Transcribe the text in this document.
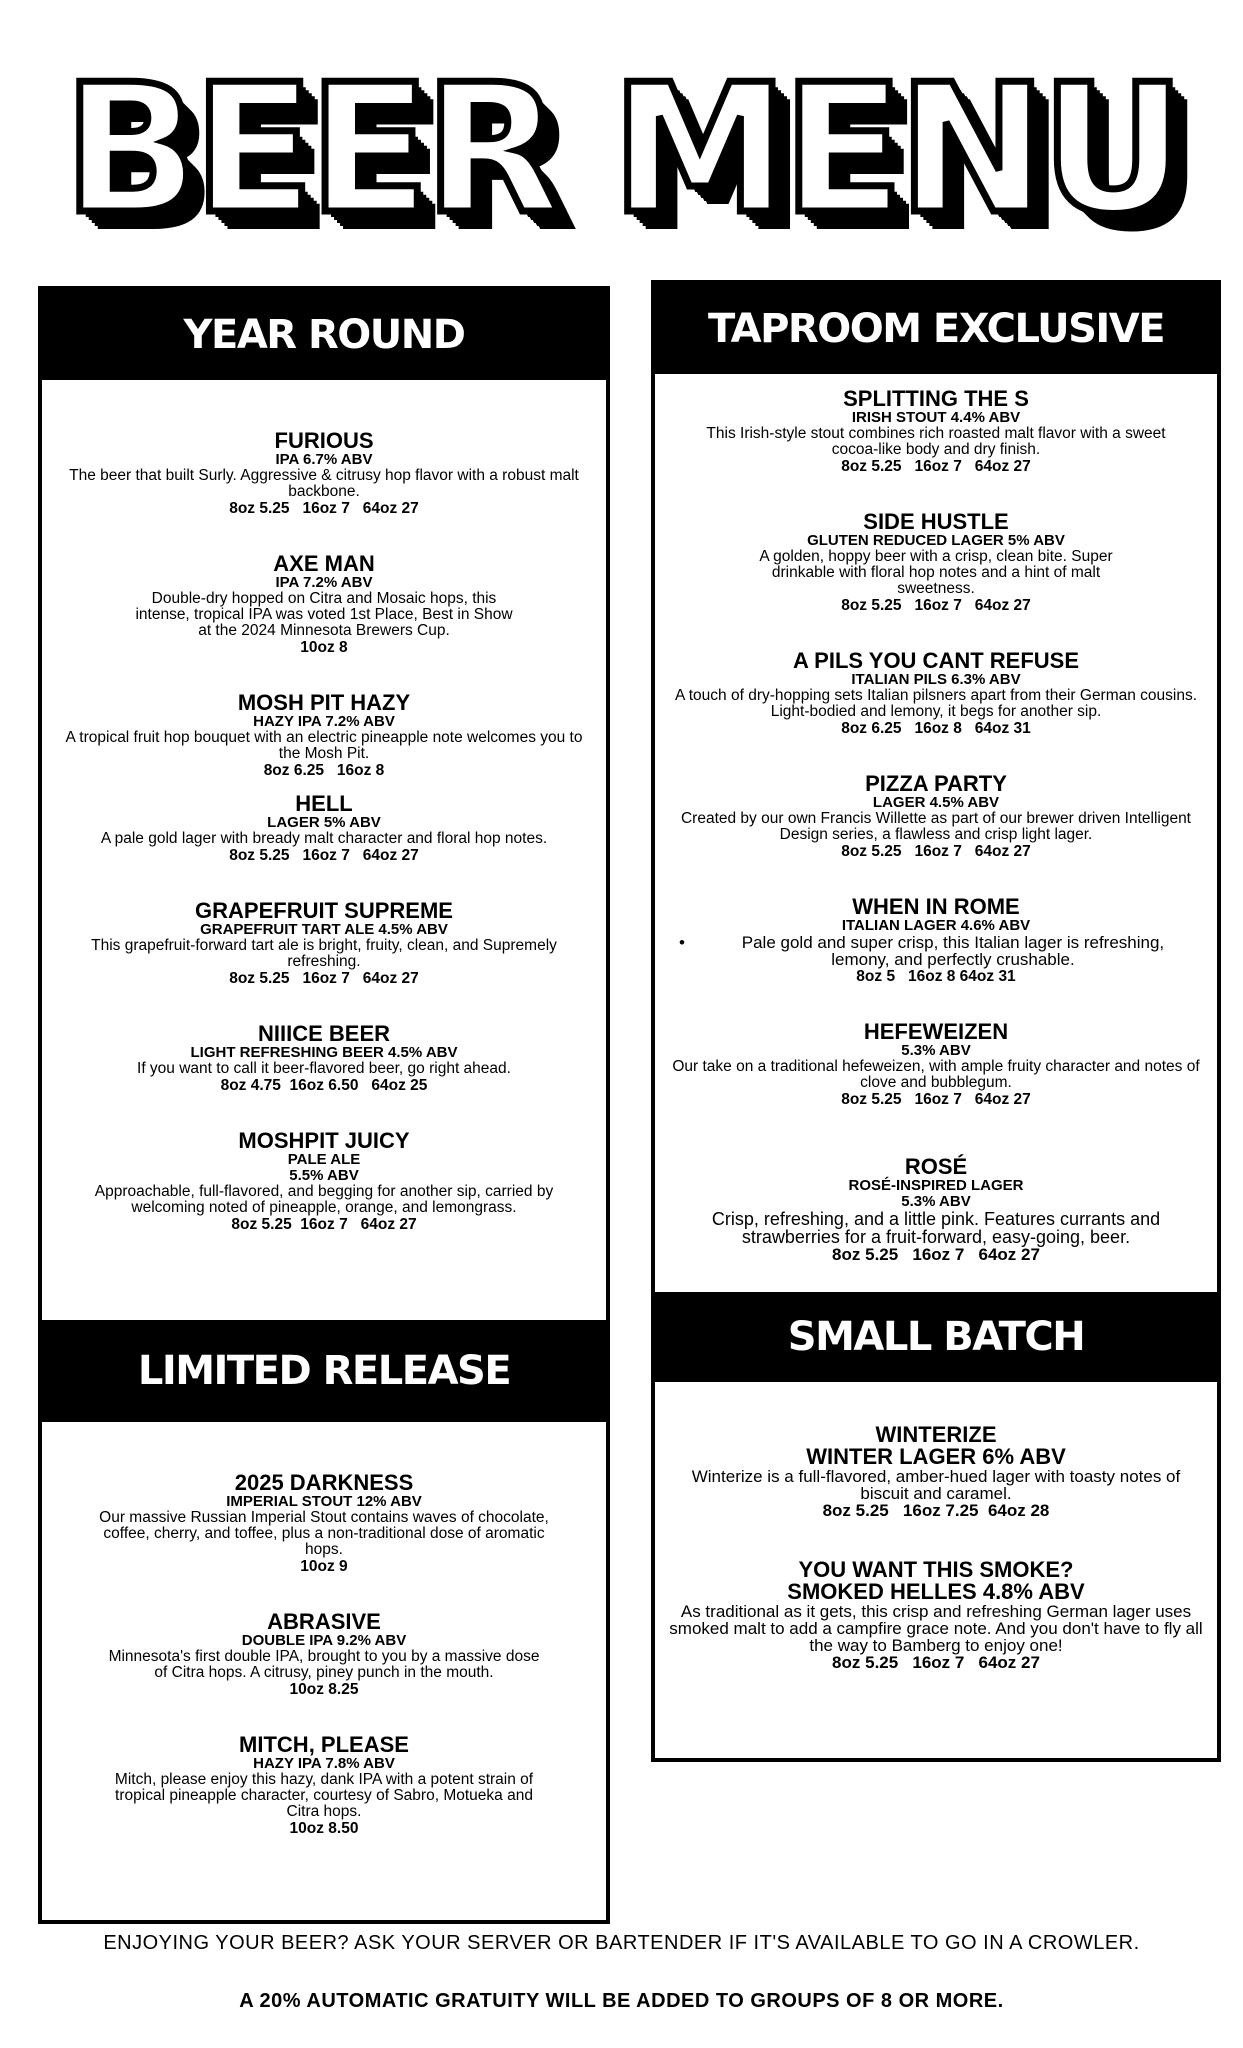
BEER MENU
YEAR ROUND
FURIOUS
IPA 6.7% ABV
The beer that built Surly. Aggressive & citrusy hop flavor with a robust malt backbone.
8oz 5.25   16oz 7   64oz 27
AXE MAN
IPA 7.2% ABV
Double-dry hopped on Citra and Mosaic hops, this intense, tropical IPA was voted 1st Place, Best in Show at the 2024 Minnesota Brewers Cup.
10oz 8
MOSH PIT HAZY
HAZY IPA 7.2% ABV
A tropical fruit hop bouquet with an electric pineapple note welcomes you to the Mosh Pit.
8oz 6.25   16oz 8
HELL
LAGER 5% ABV
A pale gold lager with bready malt character and floral hop notes.
8oz 5.25   16oz 7   64oz 27
GRAPEFRUIT SUPREME
GRAPEFRUIT TART ALE 4.5% ABV
This grapefruit-forward tart ale is bright, fruity, clean, and Supremely refreshing.
8oz 5.25   16oz 7   64oz 27
NIIICE BEER
LIGHT REFRESHING BEER 4.5% ABV
If you want to call it beer-flavored beer, go right ahead.
8oz 4.75  16oz 6.50   64oz 25
MOSHPIT JUICY
PALE ALE
5.5% ABV
Approachable, full-flavored, and begging for another sip, carried by welcoming noted of pineapple, orange, and lemongrass.
8oz 5.25  16oz 7   64oz 27
LIMITED RELEASE
2025 DARKNESS
IMPERIAL STOUT 12% ABV
Our massive Russian Imperial Stout contains waves of chocolate, coffee, cherry, and toffee, plus a non-traditional dose of aromatic hops.
10oz 9
ABRASIVE
DOUBLE IPA 9.2% ABV
Minnesota's first double IPA, brought to you by a massive dose of Citra hops. A citrusy, piney punch in the mouth.
10oz 8.25
MITCH, PLEASE
HAZY IPA 7.8% ABV
Mitch, please enjoy this hazy, dank IPA with a potent strain of tropical pineapple character, courtesy of Sabro, Motueka and Citra hops.
10oz 8.50
TAPROOM EXCLUSIVE
SPLITTING THE S
IRISH STOUT 4.4% ABV
This Irish-style stout combines rich roasted malt flavor with a sweet cocoa-like body and dry finish.
8oz 5.25   16oz 7   64oz 27
SIDE HUSTLE
GLUTEN REDUCED LAGER 5% ABV
A golden, hoppy beer with a crisp, clean bite. Super drinkable with floral hop notes and a hint of malt sweetness.
8oz 5.25   16oz 7   64oz 27
A PILS YOU CANT REFUSE
ITALIAN PILS 6.3% ABV
A touch of dry-hopping sets Italian pilsners apart from their German cousins. Light-bodied and lemony, it begs for another sip.
8oz 6.25   16oz 8   64oz 31
PIZZA PARTY
LAGER 4.5% ABV
Created by our own Francis Willette as part of our brewer driven Intelligent Design series, a flawless and crisp light lager.
8oz 5.25   16oz 7   64oz 27
WHEN IN ROME
ITALIAN LAGER 4.6% ABV
•	Pale gold and super crisp, this Italian lager is refreshing, lemony, and perfectly crushable.
8oz 5   16oz 8 64oz 31
HEFEWEIZEN
5.3% ABV
Our take on a traditional hefeweizen, with ample fruity character and notes of clove and bubblegum.
8oz 5.25   16oz 7   64oz 27
ROSÉ
ROSÉ-INSPIRED LAGER
5.3% ABV
Crisp, refreshing, and a little pink. Features currants and strawberries for a fruit-forward, easy-going, beer.
8oz 5.25   16oz 7   64oz 27
SMALL BATCH
WINTERIZE
WINTER LAGER 6% ABV
Winterize is a full-flavored, amber-hued lager with toasty notes of biscuit and caramel.
8oz 5.25   16oz 7.25  64oz 28
YOU WANT THIS SMOKE?
SMOKED HELLES 4.8% ABV
As traditional as it gets, this crisp and refreshing German lager uses smoked malt to add a campfire grace note. And you don't have to fly all the way to Bamberg to enjoy one!
8oz 5.25   16oz 7   64oz 27
ENJOYING YOUR BEER? ASK YOUR SERVER OR BARTENDER IF IT'S AVAILABLE TO GO IN A CROWLER.
A 20% AUTOMATIC GRATUITY WILL BE ADDED TO GROUPS OF 8 OR MORE.
